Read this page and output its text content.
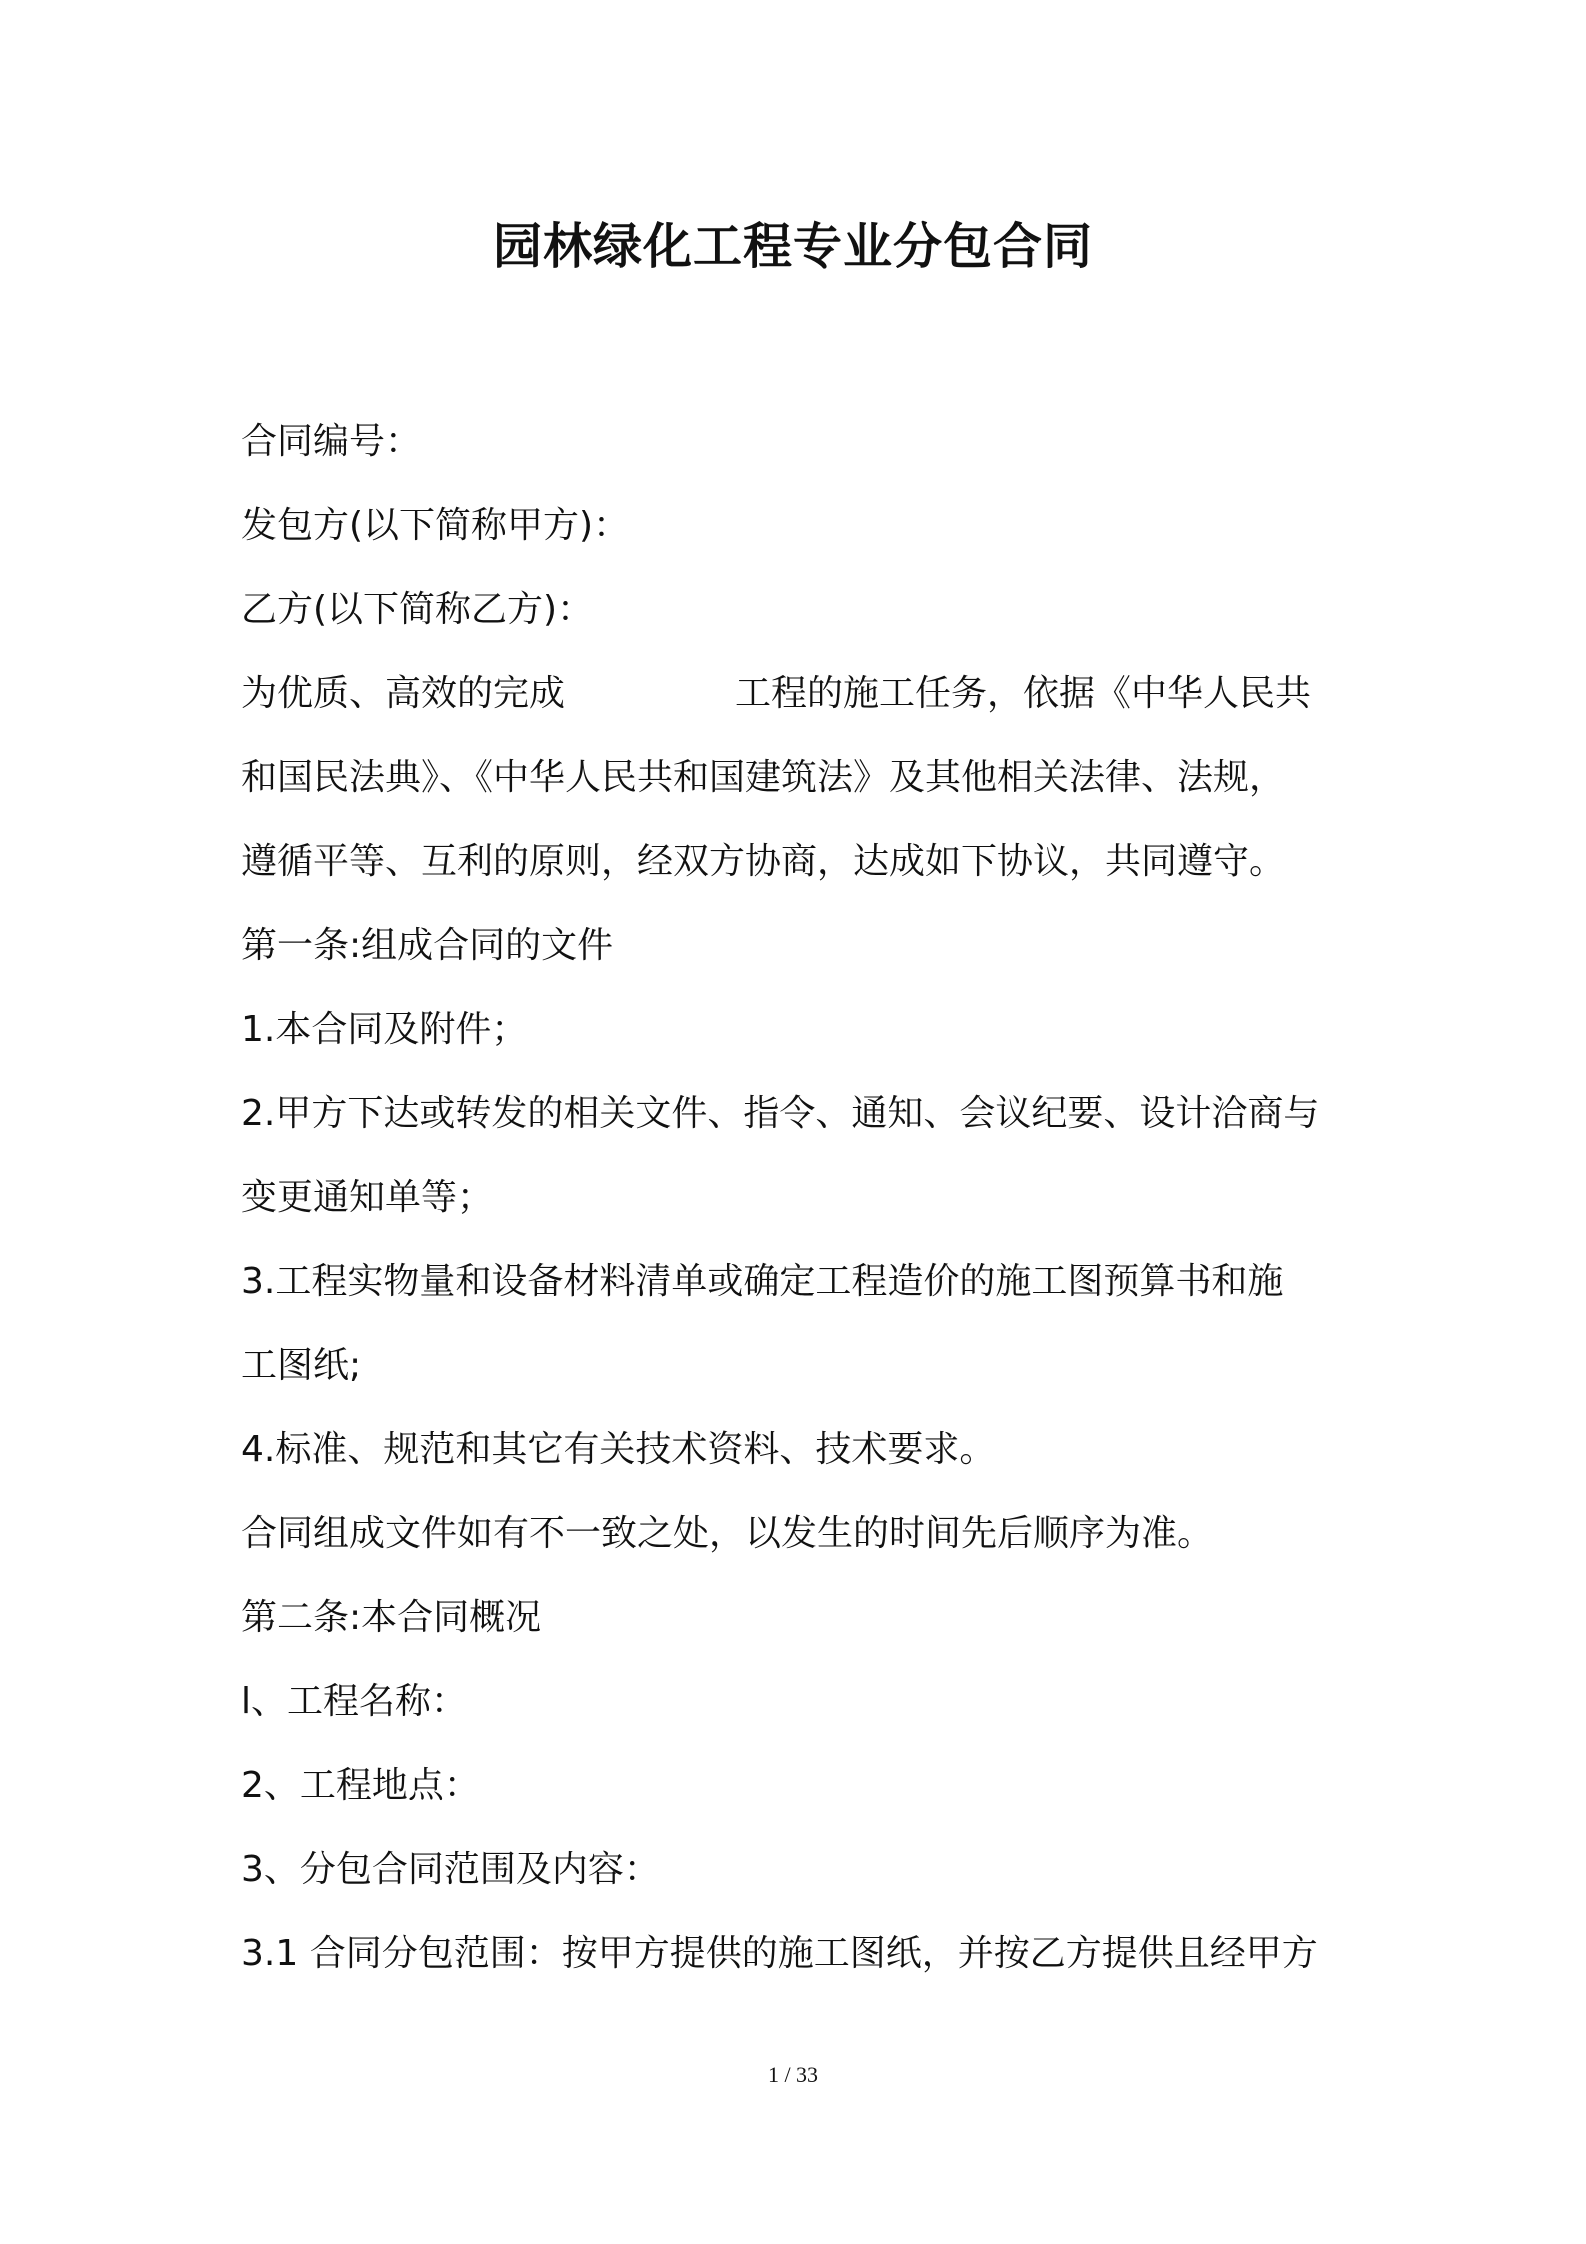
园林绿化工程专业分包合同

合同编号：

发包方(以下简称甲方)：

乙方(以下简称乙方)：

为优质、高效的完成	工程的施工任务，依据《中华人民共

和国民法典》、《中华人民共和国建筑法》及其他相关法律、法规，

遵循平等、互利的原则，经双方协商，达成如下协议，共同遵守。

第一条:组成合同的文件

1.本合同及附件；

2.甲方下达或转发的相关文件、指令、通知、会议纪要、设计洽商与

变更通知单等；

3.工程实物量和设备材料清单或确定工程造价的施工图预算书和施

工图纸;

4.标准、规范和其它有关技术资料、技术要求。

合同组成文件如有不一致之处，以发生的时间先后顺序为准。

第二条:本合同概况

l、工程名称：

2、工程地点：

3、分包合同范围及内容：

3.1 合同分包范围：按甲方提供的施工图纸，并按乙方提供且经甲方

1 / 33
